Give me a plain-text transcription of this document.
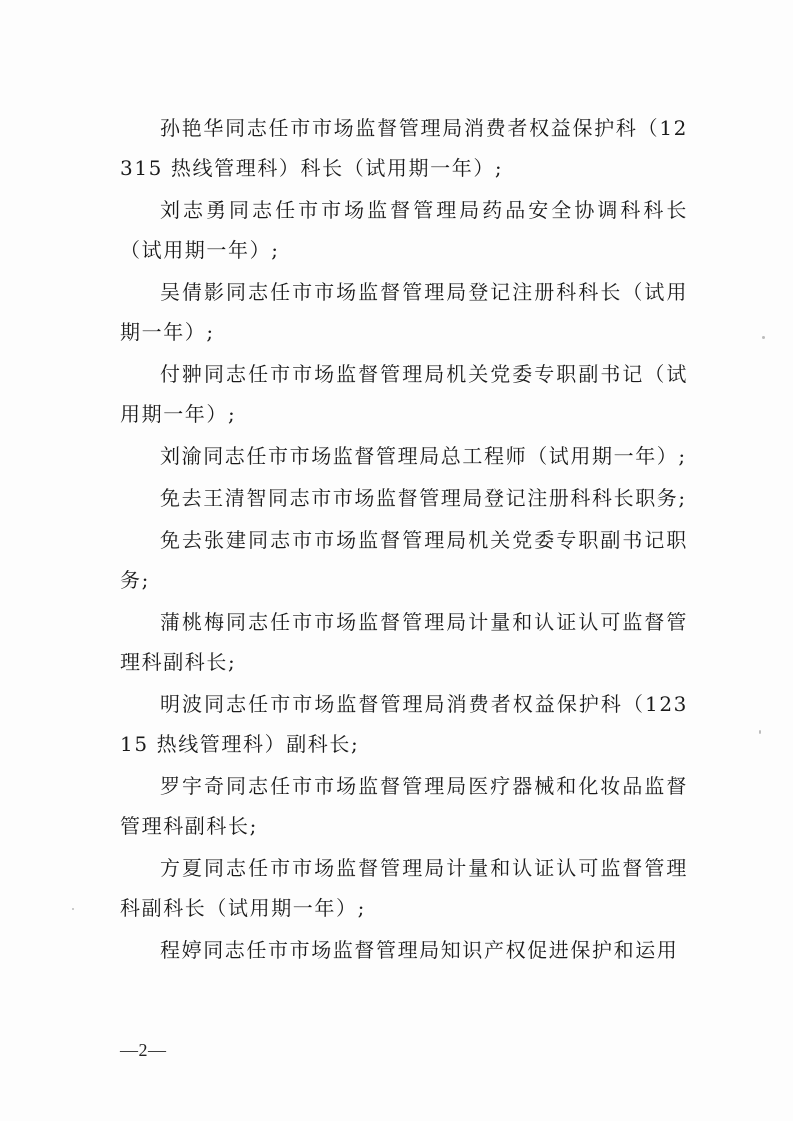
孙艳华同志任市市场监督管理局消费者权益保护科（12315 热线管理科）科长（试用期一年）;

刘志勇同志任市市场监督管理局药品安全协调科科长（试用期一年）;

吴倩影同志任市市场监督管理局登记注册科科长（试用期一年）;

付翀同志任市市场监督管理局机关党委专职副书记（试用期一年）;

刘渝同志任市市场监督管理局总工程师（试用期一年）;

免去王清智同志市市场监督管理局登记注册科科长职务;

免去张建同志市市场监督管理局机关党委专职副书记职务;

蒲桃梅同志任市市场监督管理局计量和认证认可监督管理科副科长;

明波同志任市市场监督管理局消费者权益保护科（12315 热线管理科）副科长;

罗宇奇同志任市市场监督管理局医疗器械和化妆品监督管理科副科长;

方夏同志任市市场监督管理局计量和认证认可监督管理科副科长（试用期一年）;

程婷同志任市市场监督管理局知识产权促进保护和运用

—2—
